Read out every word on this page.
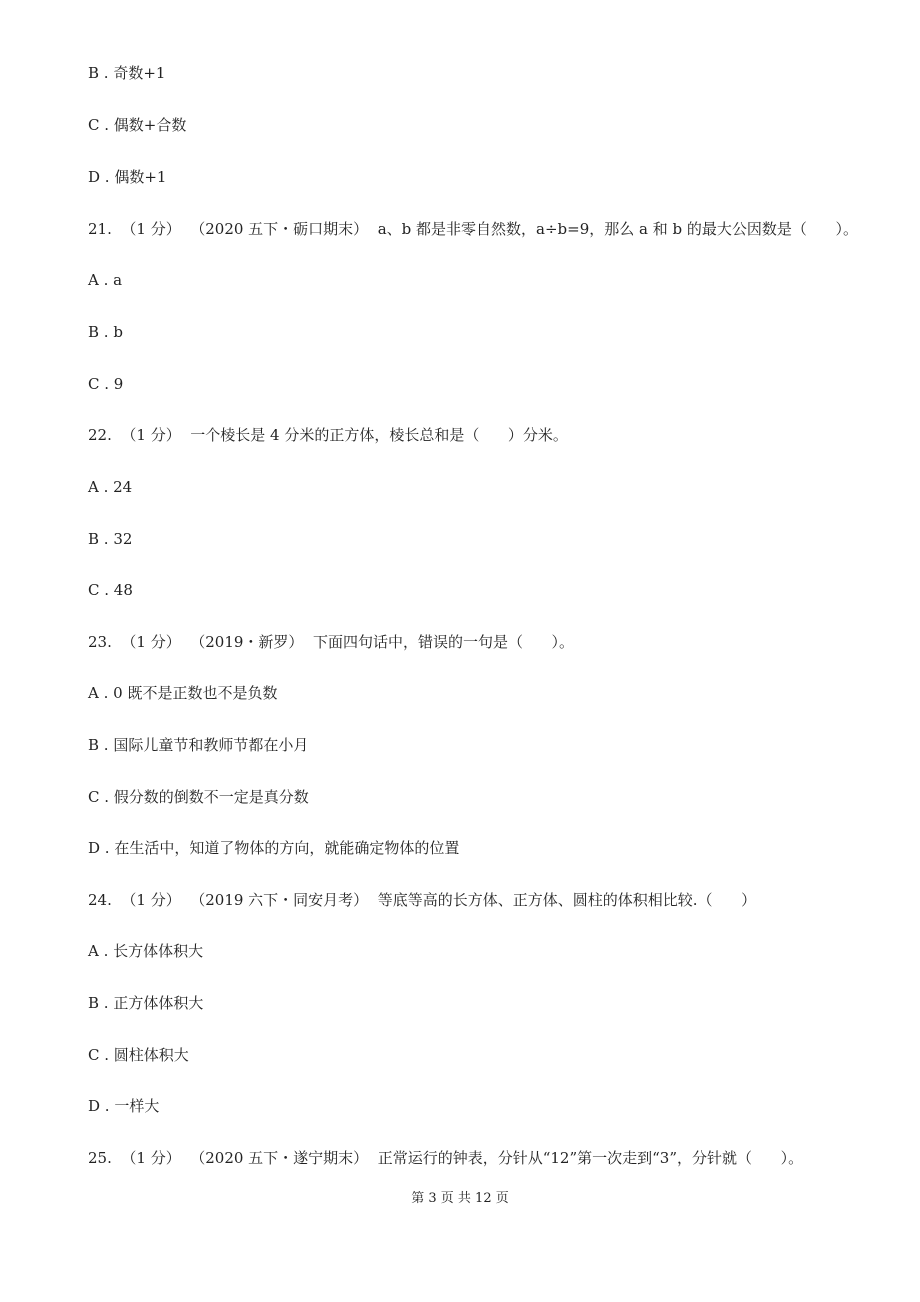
B . 奇数+1
C . 偶数+合数
D . 偶数+1
21.  （1 分）  （2020 五下・砺口期末）  a、b 都是非零自然数，a÷b=9，那么 a 和 b 的最大公因数是（      ）。
A . a
B . b
C . 9
22.  （1 分）  一个棱长是 4 分米的正方体，棱长总和是（      ）分米。
A . 24
B . 32
C . 48
23.  （1 分）  （2019・新罗）  下面四句话中，错误的一句是（      ）。
A . 0 既不是正数也不是负数
B . 国际儿童节和教师节都在小月
C . 假分数的倒数不一定是真分数
D . 在生活中，知道了物体的方向，就能确定物体的位置
24.  （1 分）  （2019 六下・同安月考）  等底等高的长方体、正方体、圆柱的体积相比较.（      ）
A . 长方体体积大
B . 正方体体积大
C . 圆柱体积大
D . 一样大
25.  （1 分）  （2020 五下・遂宁期末）  正常运行的钟表，分针从“12”第一次走到“3”，分针就（      ）。
第 3 页 共 12 页
